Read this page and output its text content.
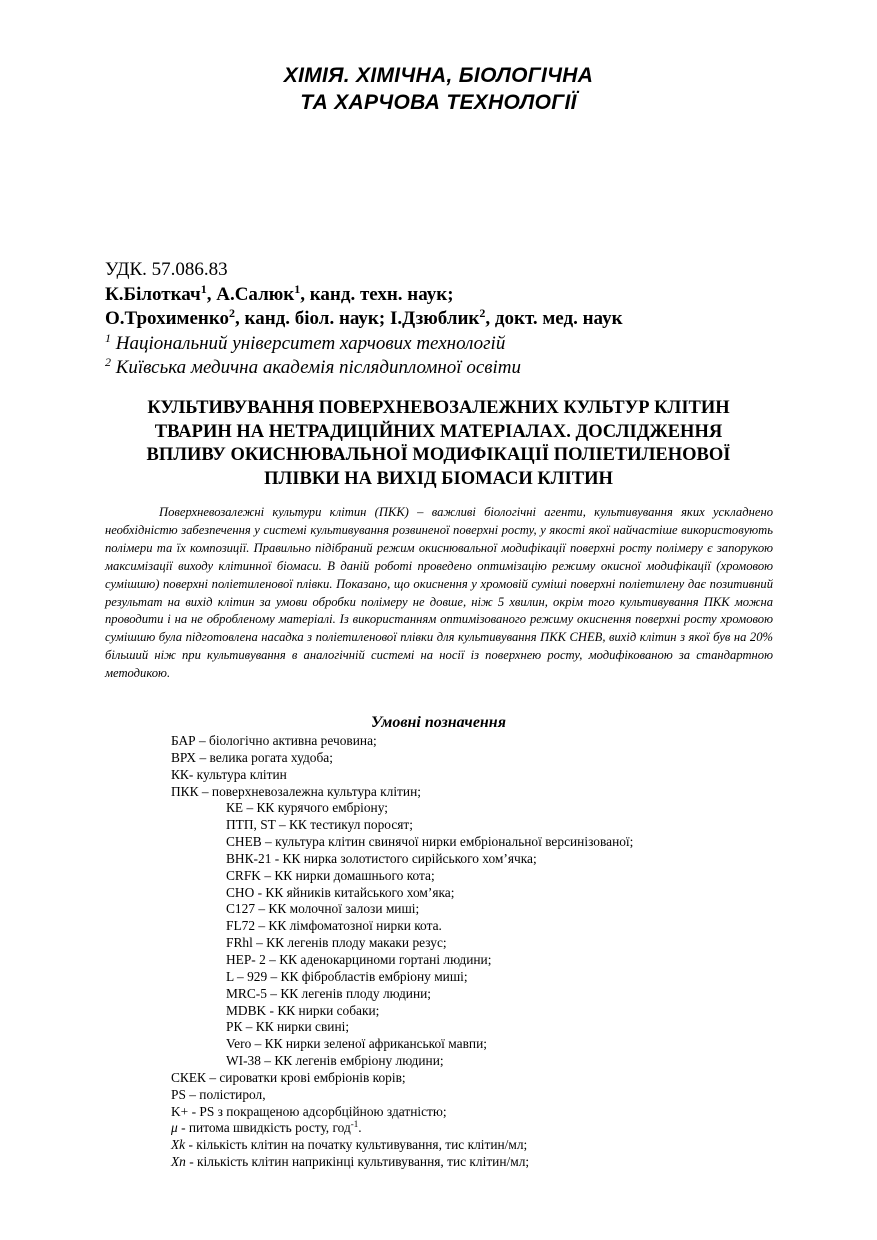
ХІМІЯ. ХІМІЧНА, БІОЛОГІЧНА
ТА ХАРЧОВА ТЕХНОЛОГІЇ
УДК. 57.086.83
К.Білоткач$^1$, А.Салюк$^1$, канд. техн. наук;
О.Трохименко$^2$, канд. біол. наук; І.Дзюблик$^2$, докт. мед. наук
$^1$ Національний університет харчових технологій
$^2$ Київська медична академія післядипломної освіти
КУЛЬТИВУВАННЯ ПОВЕРХНЕВОЗАЛЕЖНИХ КУЛЬТУР КЛІТИН
ТВАРИН НА НЕТРАДИЦІЙНИХ МАТЕРІАЛАХ. ДОСЛІДЖЕННЯ
ВПЛИВУ ОКИСНЮВАЛЬНОЇ МОДИФІКАЦІЇ ПОЛІЕТИЛЕНОВОЇ
ПЛІВКИ НА ВИХІД БІОМАСИ КЛІТИН

Поверхневозалежні культури клітин (ПКК) – важливі біологічні агенти, культивування яких ускладнено необхідністю забезпечення у системі культивування розвиненої поверхні росту, у якості якої найчастіше використовують полімери та їх композиції. Правильно підібраний режим окиснювальної модифікації поверхні росту полімеру є запорукою максимізації виходу клітинної біомаси. В даній роботі проведено оптимізацію режиму окисної модифікації (хромовою сумішшю) поверхні поліетиленової плівки. Показано, що окиснення у хромовій суміші поверхні поліетилену дає позитивний результат на вихід клітин за умови обробки полімеру не довше, ніж 5 хвилин, окрім того культивування ПКК можна проводити і на не обробленому матеріалі. Із використанням оптимізованого режиму окиснення поверхні росту хромовою сумішшю була підготовлена насадка з поліетиленової плівки для культивування ПКК СНЕВ, вихід клітин з якої був на 20% більший ніж при культивування в аналогічній системі на носії із поверхнею росту, модифікованою за стандартною методикою.

Умовні позначення
БАР – біологічно активна речовина;
ВРХ – велика рогата худоба;
КК- культура клітин
ПКК – поверхневозалежна культура клітин;
КЕ – КК курячого ембріону;
ПТП, ST – КК тестикул поросят;
СНЕВ – культура клітин свинячої нирки ембріональної версинізованої;
ВНК-21 - КК нирка золотистого сирійського хом’ячка;
CRFK – КК нирки домашнього кота;
СНО - КК яйників китайського хом’яка;
С127 – КК молочної залози миші;
FL72 – КК лімфоматозної нирки кота.
FRhl – КК легенів плоду макаки резус;
НЕР- 2 – КК аденокарциноми гортані людини;
L – 929 – КК фібробластів ембріону миші;
MRC-5 – КК легенів плоду людини;
MDBK - КК нирки собаки;
РК – КК нирки свині;
Vero – КК нирки зеленої африканської мавпи;
WI-38 – КК легенів ембріону людини;
СКЕК – сироватки крові ембріонів корів;
PS – полістирол,
K+ - PS з покращеною адсорбційною здатністю;
μ - питома швидкість росту, год$^{-1}$.
Xk - кількість клітин на початку культивування, тис клітин/мл;
Xn - кількість клітин наприкінці культивування, тис клітин/мл;
